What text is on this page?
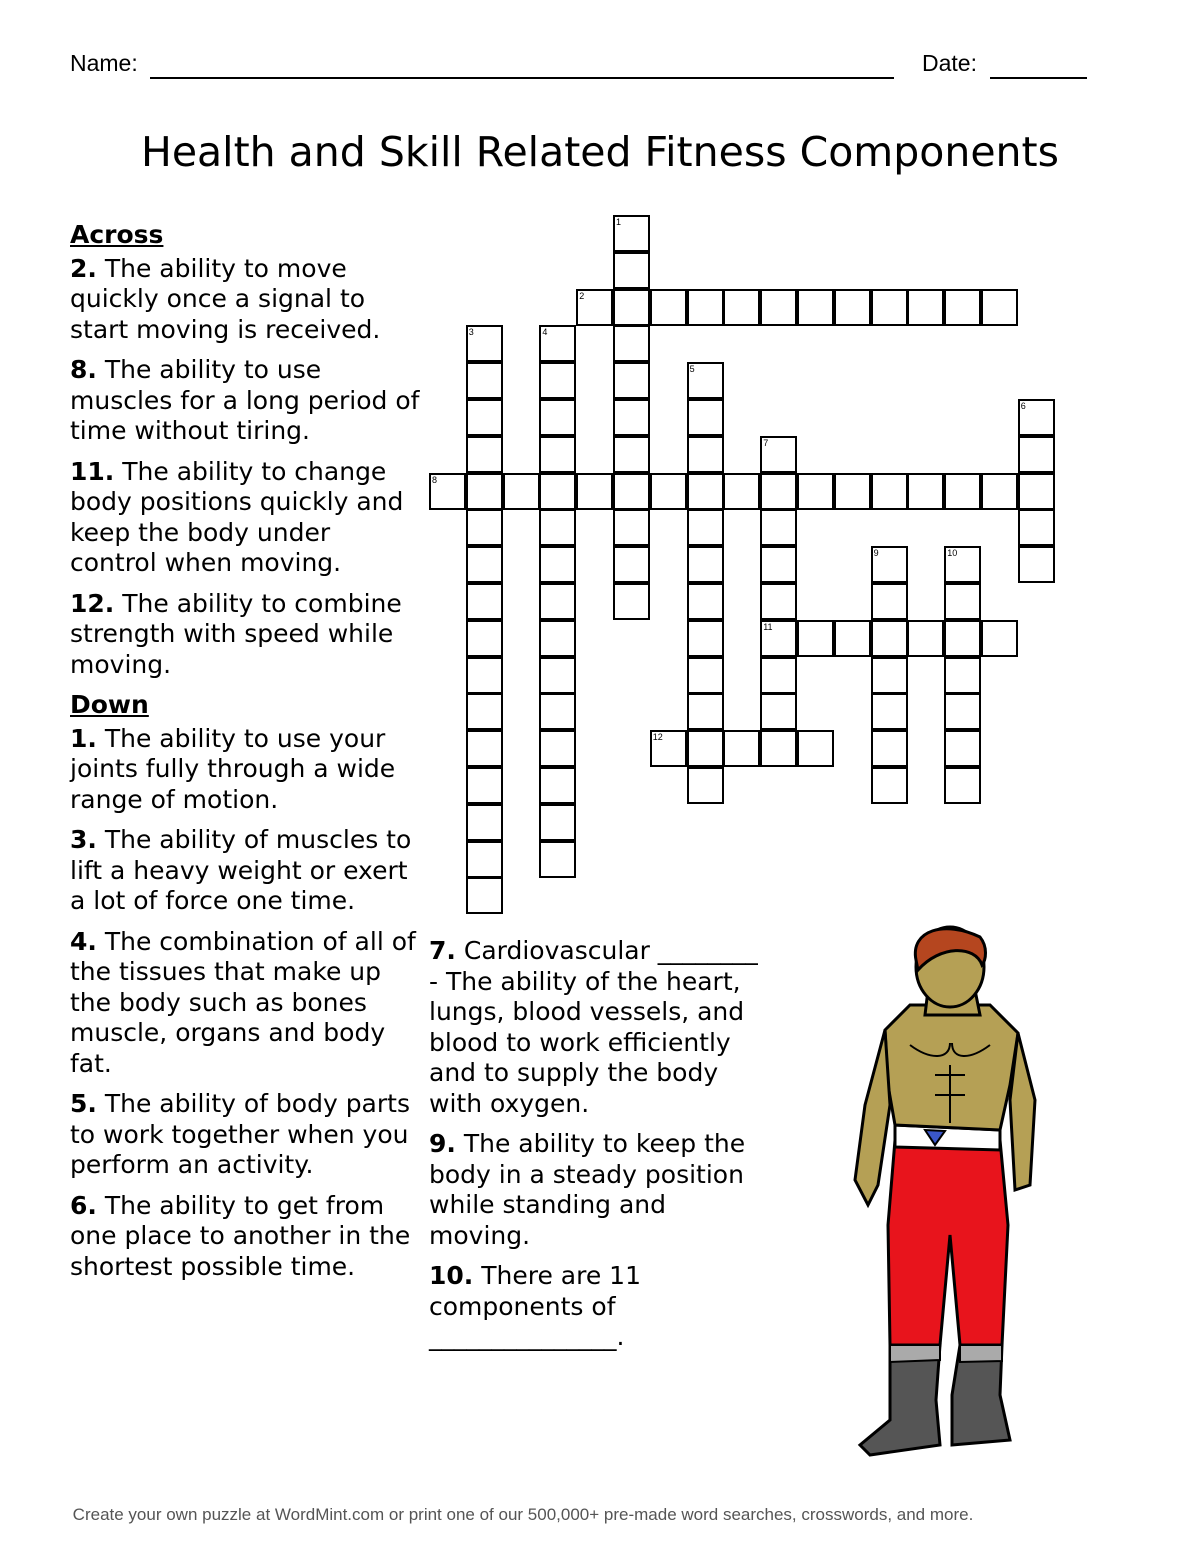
Name:	Date:
Health and Skill Related Fitness Components
Across
2. The ability to move quickly once a signal to start moving is received.
8. The ability to use muscles for a long period of time without tiring.
11. The ability to change body positions quickly and keep the body under control when moving.
12. The ability to combine strength with speed while moving.
Down
1. The ability to use your joints fully through a wide range of motion.
3. The ability of muscles to lift a heavy weight or exert a lot of force one time.
4. The combination of all of the tissues that make up the body such as bones muscle, organs and body fat.
5. The ability of body parts to work together when you perform an activity.
6. The ability to get from one place to another in the shortest possible time.
7. Cardiovascular ________ - The ability of the heart, lungs, blood vessels, and blood to work efficiently and to supply the body with oxygen.
9. The ability to keep the body in a steady position while standing and moving.
10. There are 11 components of _______________.
1
2
3	4
5
6
7
11
8
9	10
12
Create your own puzzle at WordMint.com or print one of our 500,000+ pre-made word searches, crosswords, and more.
